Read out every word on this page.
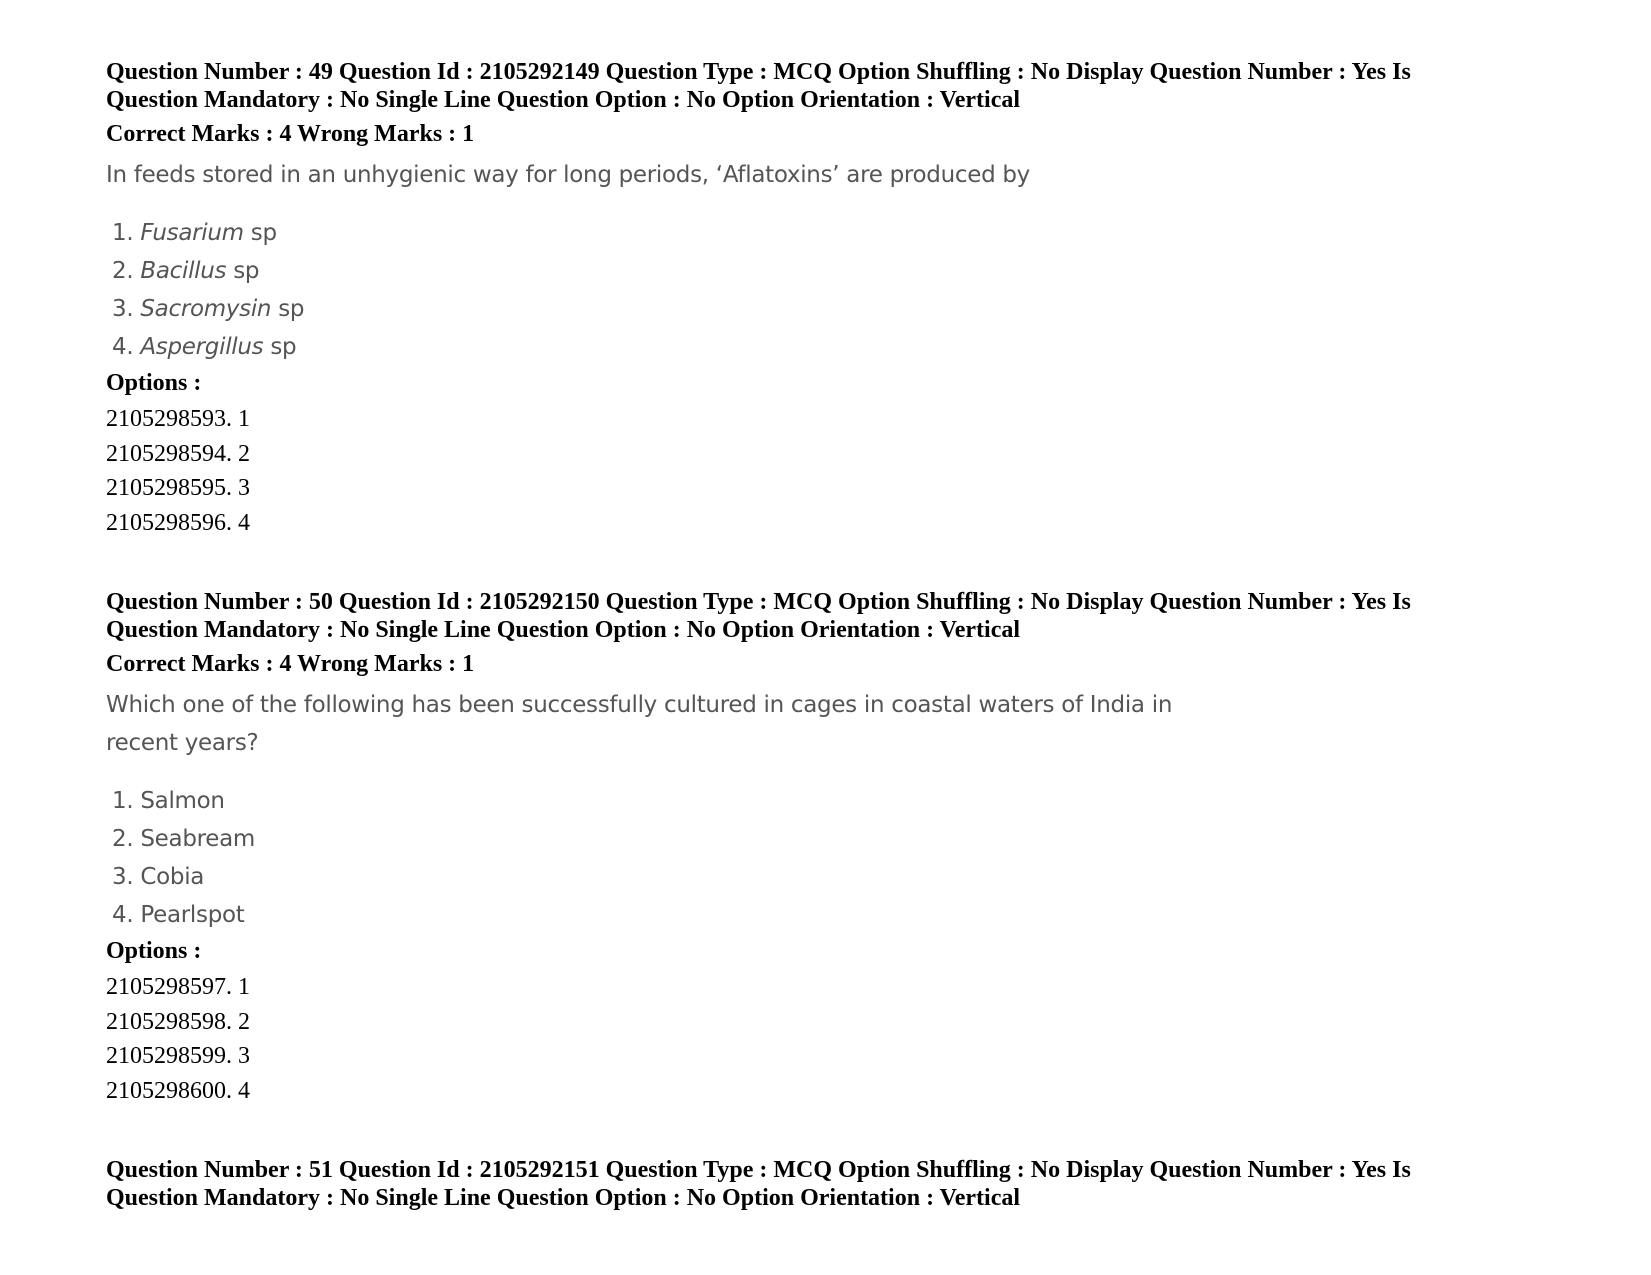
Question Number : 49 Question Id : 2105292149 Question Type : MCQ Option Shuffling : No Display Question Number : Yes Is
Question Mandatory : No Single Line Question Option : No Option Orientation : Vertical

Correct Marks : 4 Wrong Marks : 1

In feeds stored in an unhygienic way for long periods, ‘Aflatoxins’ are produced by

1. Fusarium sp
2. Bacillus sp
3. Sacromysin sp
4. Aspergillus sp

Options :

2105298593. 1
2105298594. 2
2105298595. 3
2105298596. 4

Question Number : 50 Question Id : 2105292150 Question Type : MCQ Option Shuffling : No Display Question Number : Yes Is
Question Mandatory : No Single Line Question Option : No Option Orientation : Vertical

Correct Marks : 4 Wrong Marks : 1

Which one of the following has been successfully cultured in cages in coastal waters of India in
recent years?

1. Salmon
2. Seabream
3. Cobia
4. Pearlspot

Options :

2105298597. 1
2105298598. 2
2105298599. 3
2105298600. 4

Question Number : 51 Question Id : 2105292151 Question Type : MCQ Option Shuffling : No Display Question Number : Yes Is
Question Mandatory : No Single Line Question Option : No Option Orientation : Vertical
